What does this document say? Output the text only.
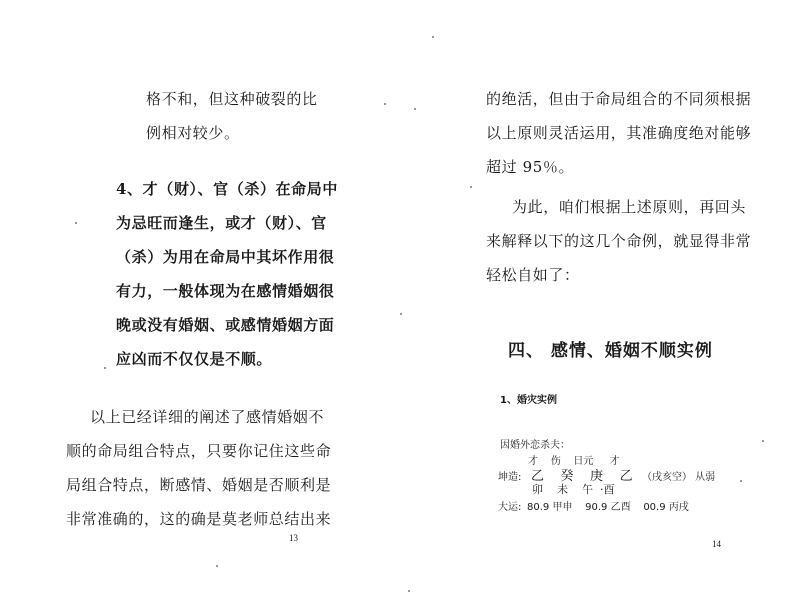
格不和，但这种破裂的比
例相对较少。

4、才（财）、官（杀）在命局中
为忌旺而逢生，或才（财）、官
（杀）为用在命局中其坏作用很
有力，一般体现为在感情婚姻很
晚或没有婚姻、或感情婚姻方面
应凶而不仅仅是不顺。

以上已经详细的阐述了感情婚姻不
顺的命局组合特点，只要你记住这些命
局组合特点，断感情、婚姻是否顺利是
非常准确的，这的确是莫老师总结出来

13

的绝活，但由于命局组合的不同须根据
以上原则灵活运用，其准确度绝对能够
超过 95％。

为此，咱们根据上述原则，再回头
来解释以下的这几个命例，就显得非常
轻松自如了：

四、 感情、婚姻不顺实例
1、婚灾实例
因婚外恋杀夫：
才    伤    日元     才
坤造: 乙    癸    庚    乙 （戌亥空） 从弱
卯    未    午  ·酉
大运: 80.9 甲申    90.9 乙酉    00.9 丙戌
14
